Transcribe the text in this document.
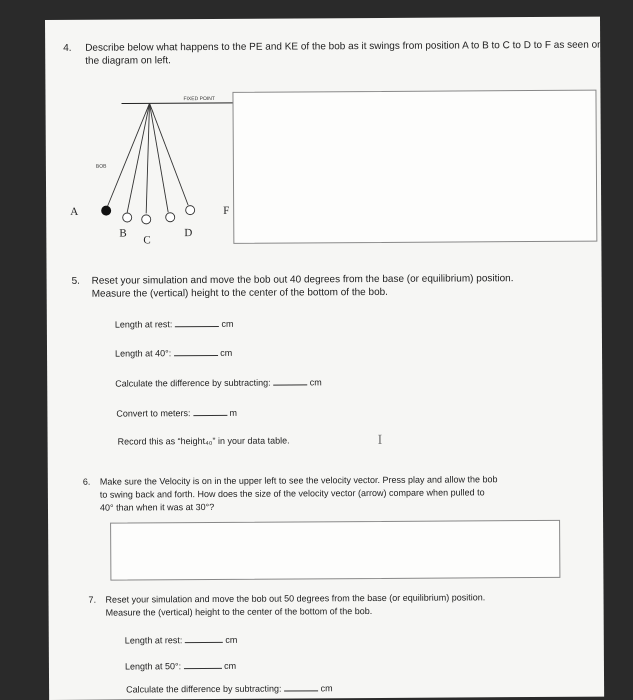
4. Describe below what happens to the PE and KE of the bob as it swings from position A to B to C to D to F as seen on the diagram on left.
FIXED POINT
BOB
A
B
C
D
F
5. Reset your simulation and move the bob out 40 degrees from the base (or equilibrium) position.
Measure the (vertical) height to the center of the bottom of the bob.
Length at rest:	cm
Length at 40°:	cm
Calculate the difference by subtracting:	cm
Convert to meters:	m
Record this as “height₄₀” in your data table.	I
6. Make sure the Velocity is on in the upper left to see the velocity vector. Press play and allow the bob
to swing back and forth. How does the size of the velocity vector (arrow) compare when pulled to
40° than when it was at 30°?
7. Reset your simulation and move the bob out 50 degrees from the base (or equilibrium) position.
Measure the (vertical) height to the center of the bottom of the bob.
Length at rest:	cm
Length at 50°:	cm
Calculate the difference by subtracting:	cm
